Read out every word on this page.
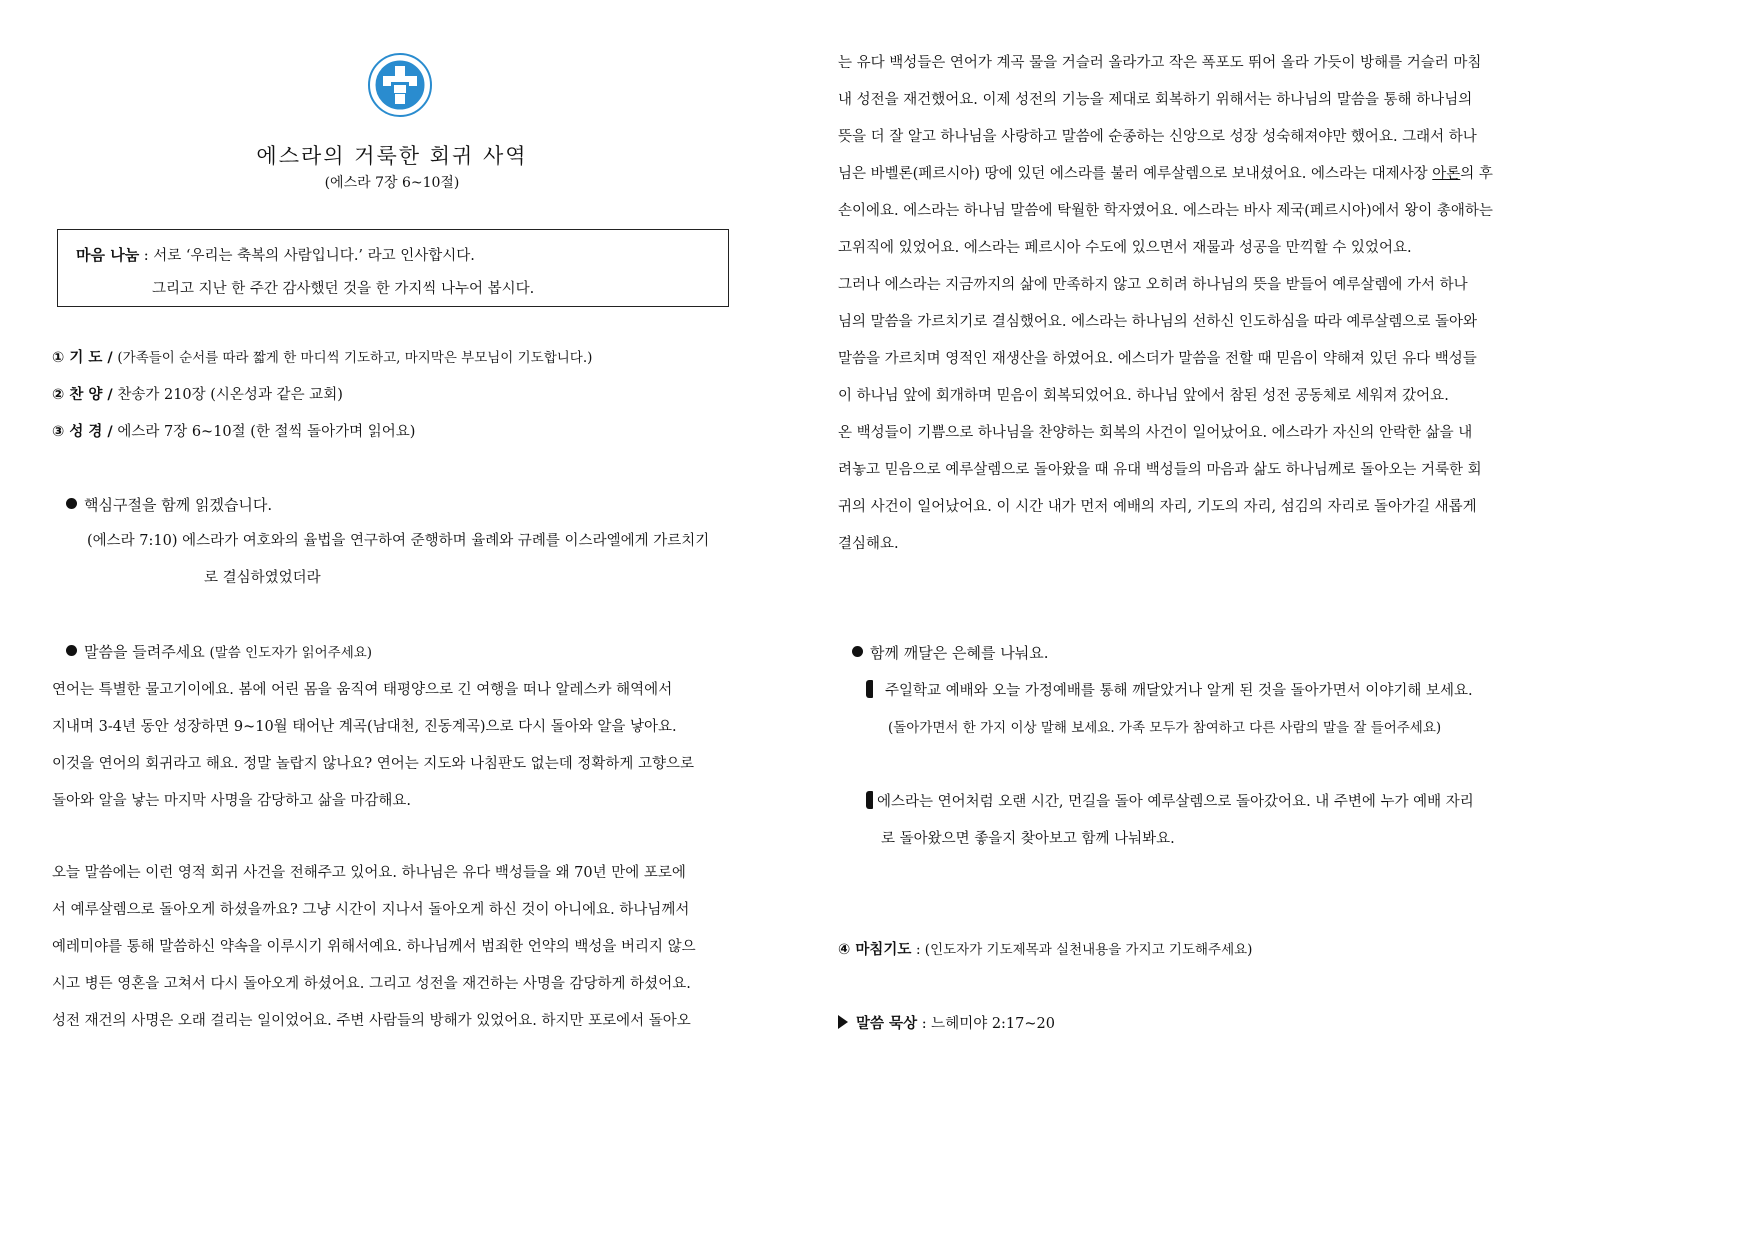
에스라의 거룩한 회귀 사역
(에스라 7장 6~10절)
마음 나눔 : 서로 ‘우리는 축복의 사람입니다.’ 라고 인사합시다.
그리고 지난 한 주간 감사했던 것을 한 가지씩 나누어 봅시다.
① 기 도 / (가족들이 순서를 따라 짧게 한 마디씩 기도하고, 마지막은 부모님이 기도합니다.)
② 찬 양 / 찬송가 210장 (시온성과 같은 교회)
③ 성 경 / 에스라 7장 6~10절 (한 절씩 돌아가며 읽어요)
핵심구절을 함께 읽겠습니다.
(에스라 7:10) 에스라가 여호와의 율법을 연구하여 준행하며 율례와 규례를 이스라엘에게 가르치기
로 결심하였었더라
말씀을 들려주세요 (말씀 인도자가 읽어주세요)
연어는 특별한 물고기이에요. 봄에 어린 몸을 움직여 태평양으로 긴 여행을 떠나 알레스카 해역에서
지내며 3-4년 동안 성장하면 9~10월 태어난 계곡(남대천, 진동계곡)으로 다시 돌아와 알을 낳아요.
이것을 연어의 회귀라고 해요. 정말 놀랍지 않나요? 연어는 지도와 나침판도 없는데 정확하게 고향으로
돌아와 알을 낳는 마지막 사명을 감당하고 삶을 마감해요.
오늘 말씀에는 이런 영적 회귀 사건을 전해주고 있어요. 하나님은 유다 백성들을 왜 70년 만에 포로에
서 예루살렘으로 돌아오게 하셨을까요? 그냥 시간이 지나서 돌아오게 하신 것이 아니에요. 하나님께서
예레미야를 통해 말씀하신 약속을 이루시기 위해서예요. 하나님께서 범죄한 언약의 백성을 버리지 않으
시고 병든 영혼을 고쳐서 다시 돌아오게 하셨어요. 그리고 성전을 재건하는 사명을 감당하게 하셨어요.
성전 재건의 사명은 오래 걸리는 일이었어요. 주변 사람들의 방해가 있었어요. 하지만 포로에서 돌아오
는 유다 백성들은 연어가 계곡 물을 거슬러 올라가고 작은 폭포도 뛰어 올라 가듯이 방해를 거슬러 마침
내 성전을 재건했어요. 이제 성전의 기능을 제대로 회복하기 위해서는 하나님의 말씀을 통해 하나님의
뜻을 더 잘 알고 하나님을 사랑하고 말씀에 순종하는 신앙으로 성장 성숙해져야만 했어요. 그래서 하나
님은 바벨론(페르시아) 땅에 있던 에스라를 불러 예루살렘으로 보내셨어요. 에스라는 대제사장 아론의 후
손이에요. 에스라는 하나님 말씀에 탁월한 학자였어요. 에스라는 바사 제국(페르시아)에서 왕이 총애하는
고위직에 있었어요. 에스라는 페르시아 수도에 있으면서 재물과 성공을 만끽할 수 있었어요.
그러나 에스라는 지금까지의 삶에 만족하지 않고 오히려 하나님의 뜻을 받들어 예루살렘에 가서 하나
님의 말씀을 가르치기로 결심했어요. 에스라는 하나님의 선하신 인도하심을 따라 예루살렘으로 돌아와
말씀을 가르치며 영적인 재생산을 하였어요. 에스더가 말씀을 전할 때 믿음이 약해져 있던 유다 백성들
이 하나님 앞에 회개하며 믿음이 회복되었어요. 하나님 앞에서 참된 성전 공동체로 세워져 갔어요.
온 백성들이 기쁨으로 하나님을 찬양하는 회복의 사건이 일어났어요. 에스라가 자신의 안락한 삶을 내
려놓고 믿음으로 예루살렘으로 돌아왔을 때 유대 백성들의 마음과 삶도 하나님께로 돌아오는 거룩한 회
귀의 사건이 일어났어요. 이 시간 내가 먼저 예배의 자리, 기도의 자리, 섬김의 자리로 돌아가길 새롭게
결심해요.
함께 깨달은 은혜를 나눠요.
주일학교 예배와 오늘 가정예배를 통해 깨달았거나 알게 된 것을 돌아가면서 이야기해 보세요.
(돌아가면서 한 가지 이상 말해 보세요. 가족 모두가 참여하고 다른 사람의 말을 잘 들어주세요)
에스라는 연어처럼 오랜 시간, 먼길을 돌아 예루살렘으로 돌아갔어요. 내 주변에 누가 예배 자리
로 돌아왔으면 좋을지 찾아보고 함께 나눠봐요.
④ 마침기도 : (인도자가 기도제목과 실천내용을 가지고 기도해주세요)
말씀 묵상 : 느헤미야 2:17~20
